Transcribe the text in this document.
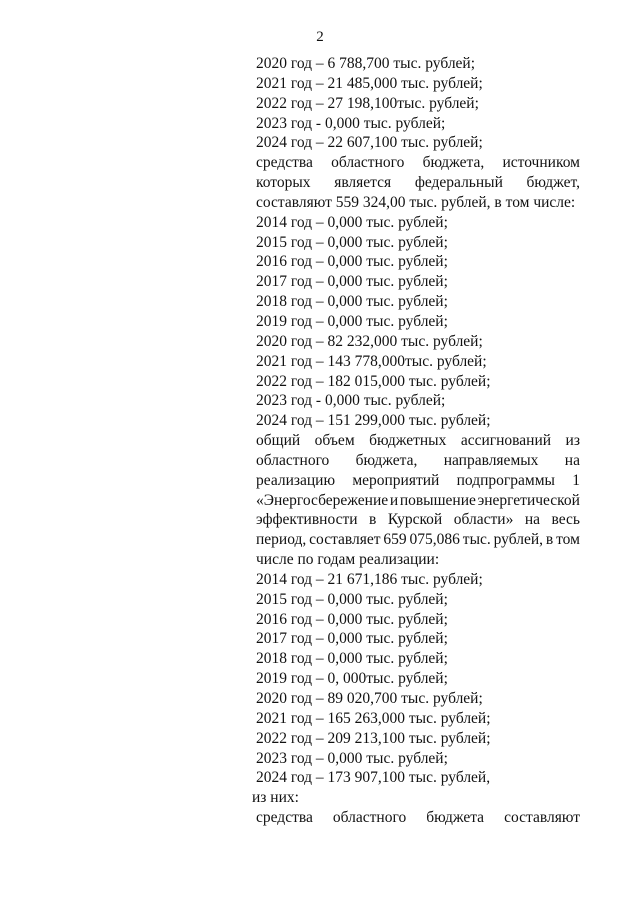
2
2020 год – 6 788,700 тыс. рублей;
2021 год – 21 485,000 тыс. рублей;
2022 год – 27 198,100тыс. рублей;
2023 год - 0,000 тыс. рублей;
2024 год – 22 607,100 тыс. рублей;
средства областного бюджета, источником
которых является федеральный бюджет,
составляют 559 324,00 тыс. рублей, в том числе:
2014 год – 0,000 тыс. рублей;
2015 год – 0,000 тыс. рублей;
2016 год – 0,000 тыс. рублей;
2017 год – 0,000 тыс. рублей;
2018 год – 0,000 тыс. рублей;
2019 год – 0,000 тыс. рублей;
2020 год – 82 232,000 тыс. рублей;
2021 год – 143 778,000тыс. рублей;
2022 год – 182 015,000 тыс. рублей;
2023 год - 0,000 тыс. рублей;
2024 год – 151 299,000 тыс. рублей;
общий объем бюджетных ассигнований из
областного бюджета, направляемых на
реализацию мероприятий подпрограммы 1
«Энергосбережение и повышение энергетической
эффективности в Курской области» на весь
период, составляет 659 075,086 тыс. рублей, в том
числе по годам реализации:
2014 год – 21 671,186 тыс. рублей;
2015 год – 0,000 тыс. рублей;
2016 год – 0,000 тыс. рублей;
2017 год – 0,000 тыс. рублей;
2018 год – 0,000 тыс. рублей;
2019 год – 0, 000тыс. рублей;
2020 год – 89 020,700 тыс. рублей;
2021 год – 165 263,000 тыс. рублей;
2022 год – 209 213,100 тыс. рублей;
2023 год – 0,000 тыс. рублей;
2024 год – 173 907,100 тыс. рублей,
из них:
средства областного бюджета составляют
